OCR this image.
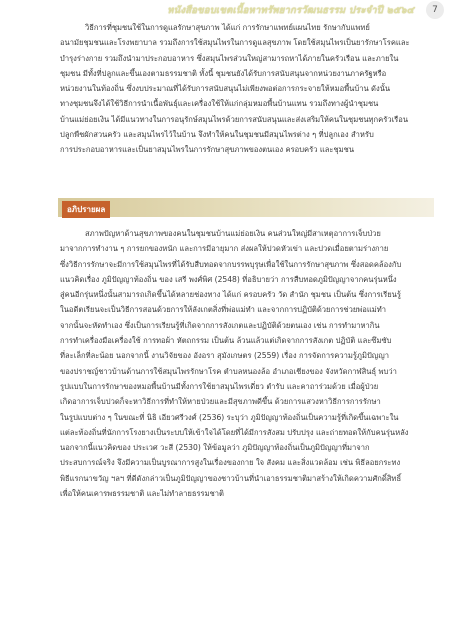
หนังสือขอบเขตเนื้อหาทรัพยากรวัฒนธรรม ประจำปี ๒๕๖๔	7
วิธีการที่ชุมชนใช้ในการดูแลรักษาสุขภาพ ได้แก่ การรักษาแพทย์แผนไทย รักษากับแพทย์
อนามัยชุมชนและโรงพยาบาล รวมถึงการใช้สมุนไพรในการดูแลสุขภาพ โดยใช้สมุนไพรเป็นยารักษาโรคและ
บำรุงร่างกาย รวมถึงนำมาประกอบอาหาร ซึ่งสมุนไพรส่วนใหญ่สามารถหาได้ภายในครัวเรือน และภายใน
ชุมชน มีทั้งที่ปลูกและขึ้นเองตามธรรมชาติ ทั้งนี้ ชุมชนยังได้รับการสนับสนุนจากหน่วยงานภาครัฐหรือ
หน่วยงานในท้องถิ่น ซึ่งงบประมาณที่ได้รับการสนับสนุนไม่เพียงพอต่อการกระจายให้หมอพื้นบ้าน ดังนั้น
ทางชุมชนจึงได้ใช้วิธีการนำเนื้อพันธุ์และเครื่องใช้ให้แก่กลุ่มหมอพื้นบ้านแทน รวมถึงทางผู้นำชุมชน
บ้านแม่ย่อยเงิน ได้มีแนวทางในการอนุรักษ์สมุนไพรด้วยการสนับสนุนและส่งเสริมให้คนในชุมชนทุกครัวเรือน
ปลูกพืชผักสวนครัว และสมุนไพรไว้ในบ้าน จึงทำให้คนในชุมชนมีสมุนไพรต่าง ๆ ที่ปลูกเอง สำหรับ
การประกอบอาหารและเป็นยาสมุนไพรในการรักษาสุขภาพของตนเอง ครอบครัว และชุมชน
อภิปรายผล
สภาพปัญหาด้านสุขภาพของคนในชุมชนบ้านแม่ย่อยเงิน คนส่วนใหญ่มีสาเหตุอาการเจ็บป่วย
มาจากการทำงาน ๆ การยกของหนัก และการมีอายุมาก ส่งผลให้ปวดหัวเข่า และปวดเมื่อยตามร่างกาย
ซึ่งวิธีการรักษาจะมีการใช้สมุนไพรที่ได้รับสืบทอดจากบรรพบุรุษเพื่อใช้ในการรักษาสุขภาพ ซึ่งสอดคล้องกับ
แนวคิดเรื่อง ภูมิปัญญาท้องถิ่น ของ เสรี พงศ์พิศ (2548) ที่อธิบายว่า การสืบทอดภูมิปัญญาจากคนรุ่นหนึ่ง
สู่คนอีกรุ่นหนึ่งนั้นสามารถเกิดขึ้นได้หลายช่องทาง ได้แก่ ครอบครัว วัด สำนัก ชุมชน เป็นต้น ซึ่งการเรียนรู้
ในอดีตเรียนจะเป็นวิธีการสอนด้วยการให้ลังเกตสิ่งที่พ่อแม่ทำ และจากการปฏิบัติด้วยการช่วยพ่อแม่ทำ
จากนั้นจะหัดทำเอง ซึ่งเป็นการเรียนรู้ที่เกิดจากการสังเกตและปฏิบัติด้วยตนเอง เช่น การทำมาหากิน
การทำเครื่องมือเครื่องใช้ การทอผ้า หัตถกรรม เป็นต้น ล้วนแล้วแต่เกิดจากการสังเกต ปฏิบัติ และซึมซับ
ที่ละเล็กที่ละน้อย นอกจากนี้ งานวิจัยของ อังอรา สุมังเกษตร (2559) เรื่อง การจัดการความรู้ภูมิปัญญา
ของปราชญ์ชาวบ้านด้านการใช้สมุนไพรรักษาโรค ตำบลหนองล้อ อำเภอเชียงของ จังหวัดกาฬสินธุ์ พบว่า
รูปแบบในการรักษาของหมอพื้นบ้านมีทั้งการใช้ยาสมุนไพรเดี่ยว ตำรับ และคาถาร่วมด้วย เมื่อผู้ป่วย
เกิดอาการเจ็บปวดก็จะหาวิธีการที่ทำให้หายป่วยและมีสุขภาพดีขึ้น ด้วยการแสวงหาวิธีการการรักษา
ในรูปแบบต่าง ๆ ในขณะที่ นิธิ เอียวศรีวงศ์ (2536) ระบุว่า ภูมิปัญญาท้องถิ่นเป็นความรู้ที่เกิดขึ้นเฉพาะใน
แต่ละท้องถิ่นที่นักการโรงยางเป็นระบบให้เข้าใจได้โดยที่ได้มีการสังสม ปรับปรุง และถ่ายทอดให้กับคนรุ่นหลัง
นอกจากนี้แนวคิดของ ประเวศ วะสี (2530) ให้ข้อมูลว่า ภูมิปัญญาท้องถิ่นเป็นภูมิปัญญาที่มาจาก
ประสบการณ์จริง จึงมีความเป็นบูรณาการสูงในเรื่องของกาย ใจ สังคม และสิ่งแวดล้อม เช่น พิธีลอยกระทง
พิธีแรกนาขวัญ ฯลฯ ที่ดีดังกล่าวเป็นภูมิปัญญาของชาวบ้านที่นำเอาธรรมชาติมาสร้างให้เกิดความศักดิ์สิทธิ์
เพื่อให้คนเคารพธรรมชาติ และไม่ทำลายธรรมชาติ
